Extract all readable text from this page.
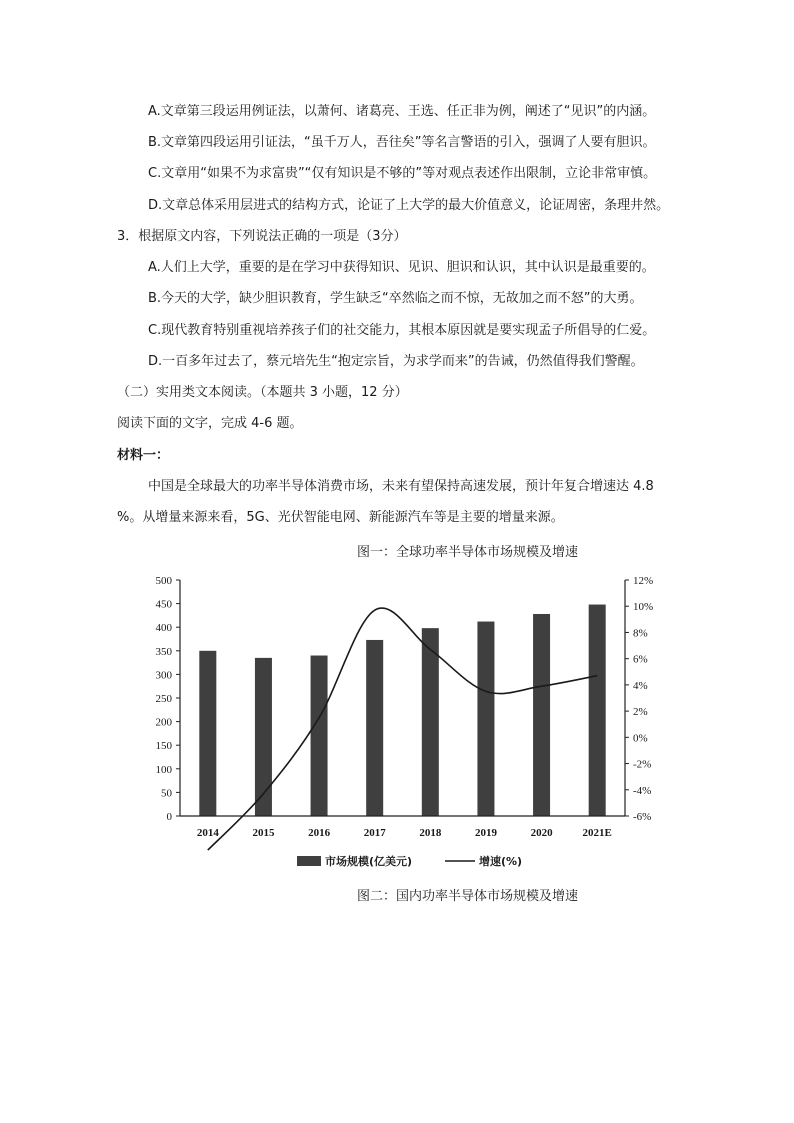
A.文章第三段运用例证法，以萧何、诸葛亮、王选、任正非为例，阐述了“见识”的内涵。
B.文章第四段运用引证法，“虽千万人，吾往矣”等名言警语的引入，强调了人要有胆识。
C.文章用“如果不为求富贵”“仅有知识是不够的”等对观点表述作出限制，立论非常审慎。
D.文章总体采用层进式的结构方式，论证了上大学的最大价值意义，论证周密，条理井然。
3．根据原文内容，下列说法正确的一项是（3分）
A.人们上大学，重要的是在学习中获得知识、见识、胆识和认识，其中认识是最重要的。
B.今天的大学，缺少胆识教育，学生缺乏“卒然临之而不惊，无故加之而不怒”的大勇。
C.现代教育特别重视培养孩子们的社交能力，其根本原因就是要实现孟子所倡导的仁爱。
D.一百多年过去了，蔡元培先生“抱定宗旨，为求学而来”的告诫，仍然值得我们警醒。
（二）实用类文本阅读。（本题共 3 小题，12 分）
阅读下面的文字，完成 4-6 题。
材料一：
中国是全球最大的功率半导体消费市场，未来有望保持高速发展，预计年复合增速达 4.8
%。从增量来源来看，5G、光伏智能电网、新能源汽车等是主要的增量来源。
图一：全球功率半导体市场规模及增速
0
50
100
150
200
250
300
350
400
450
500
-6%
-4%
-2%
0%
2%
4%
6%
8%
10%
12%
2014	2015	2016	2017	2018	2019	2020	2021E
市场规模(亿美元)	增速(%)
图二：国内功率半导体市场规模及增速
